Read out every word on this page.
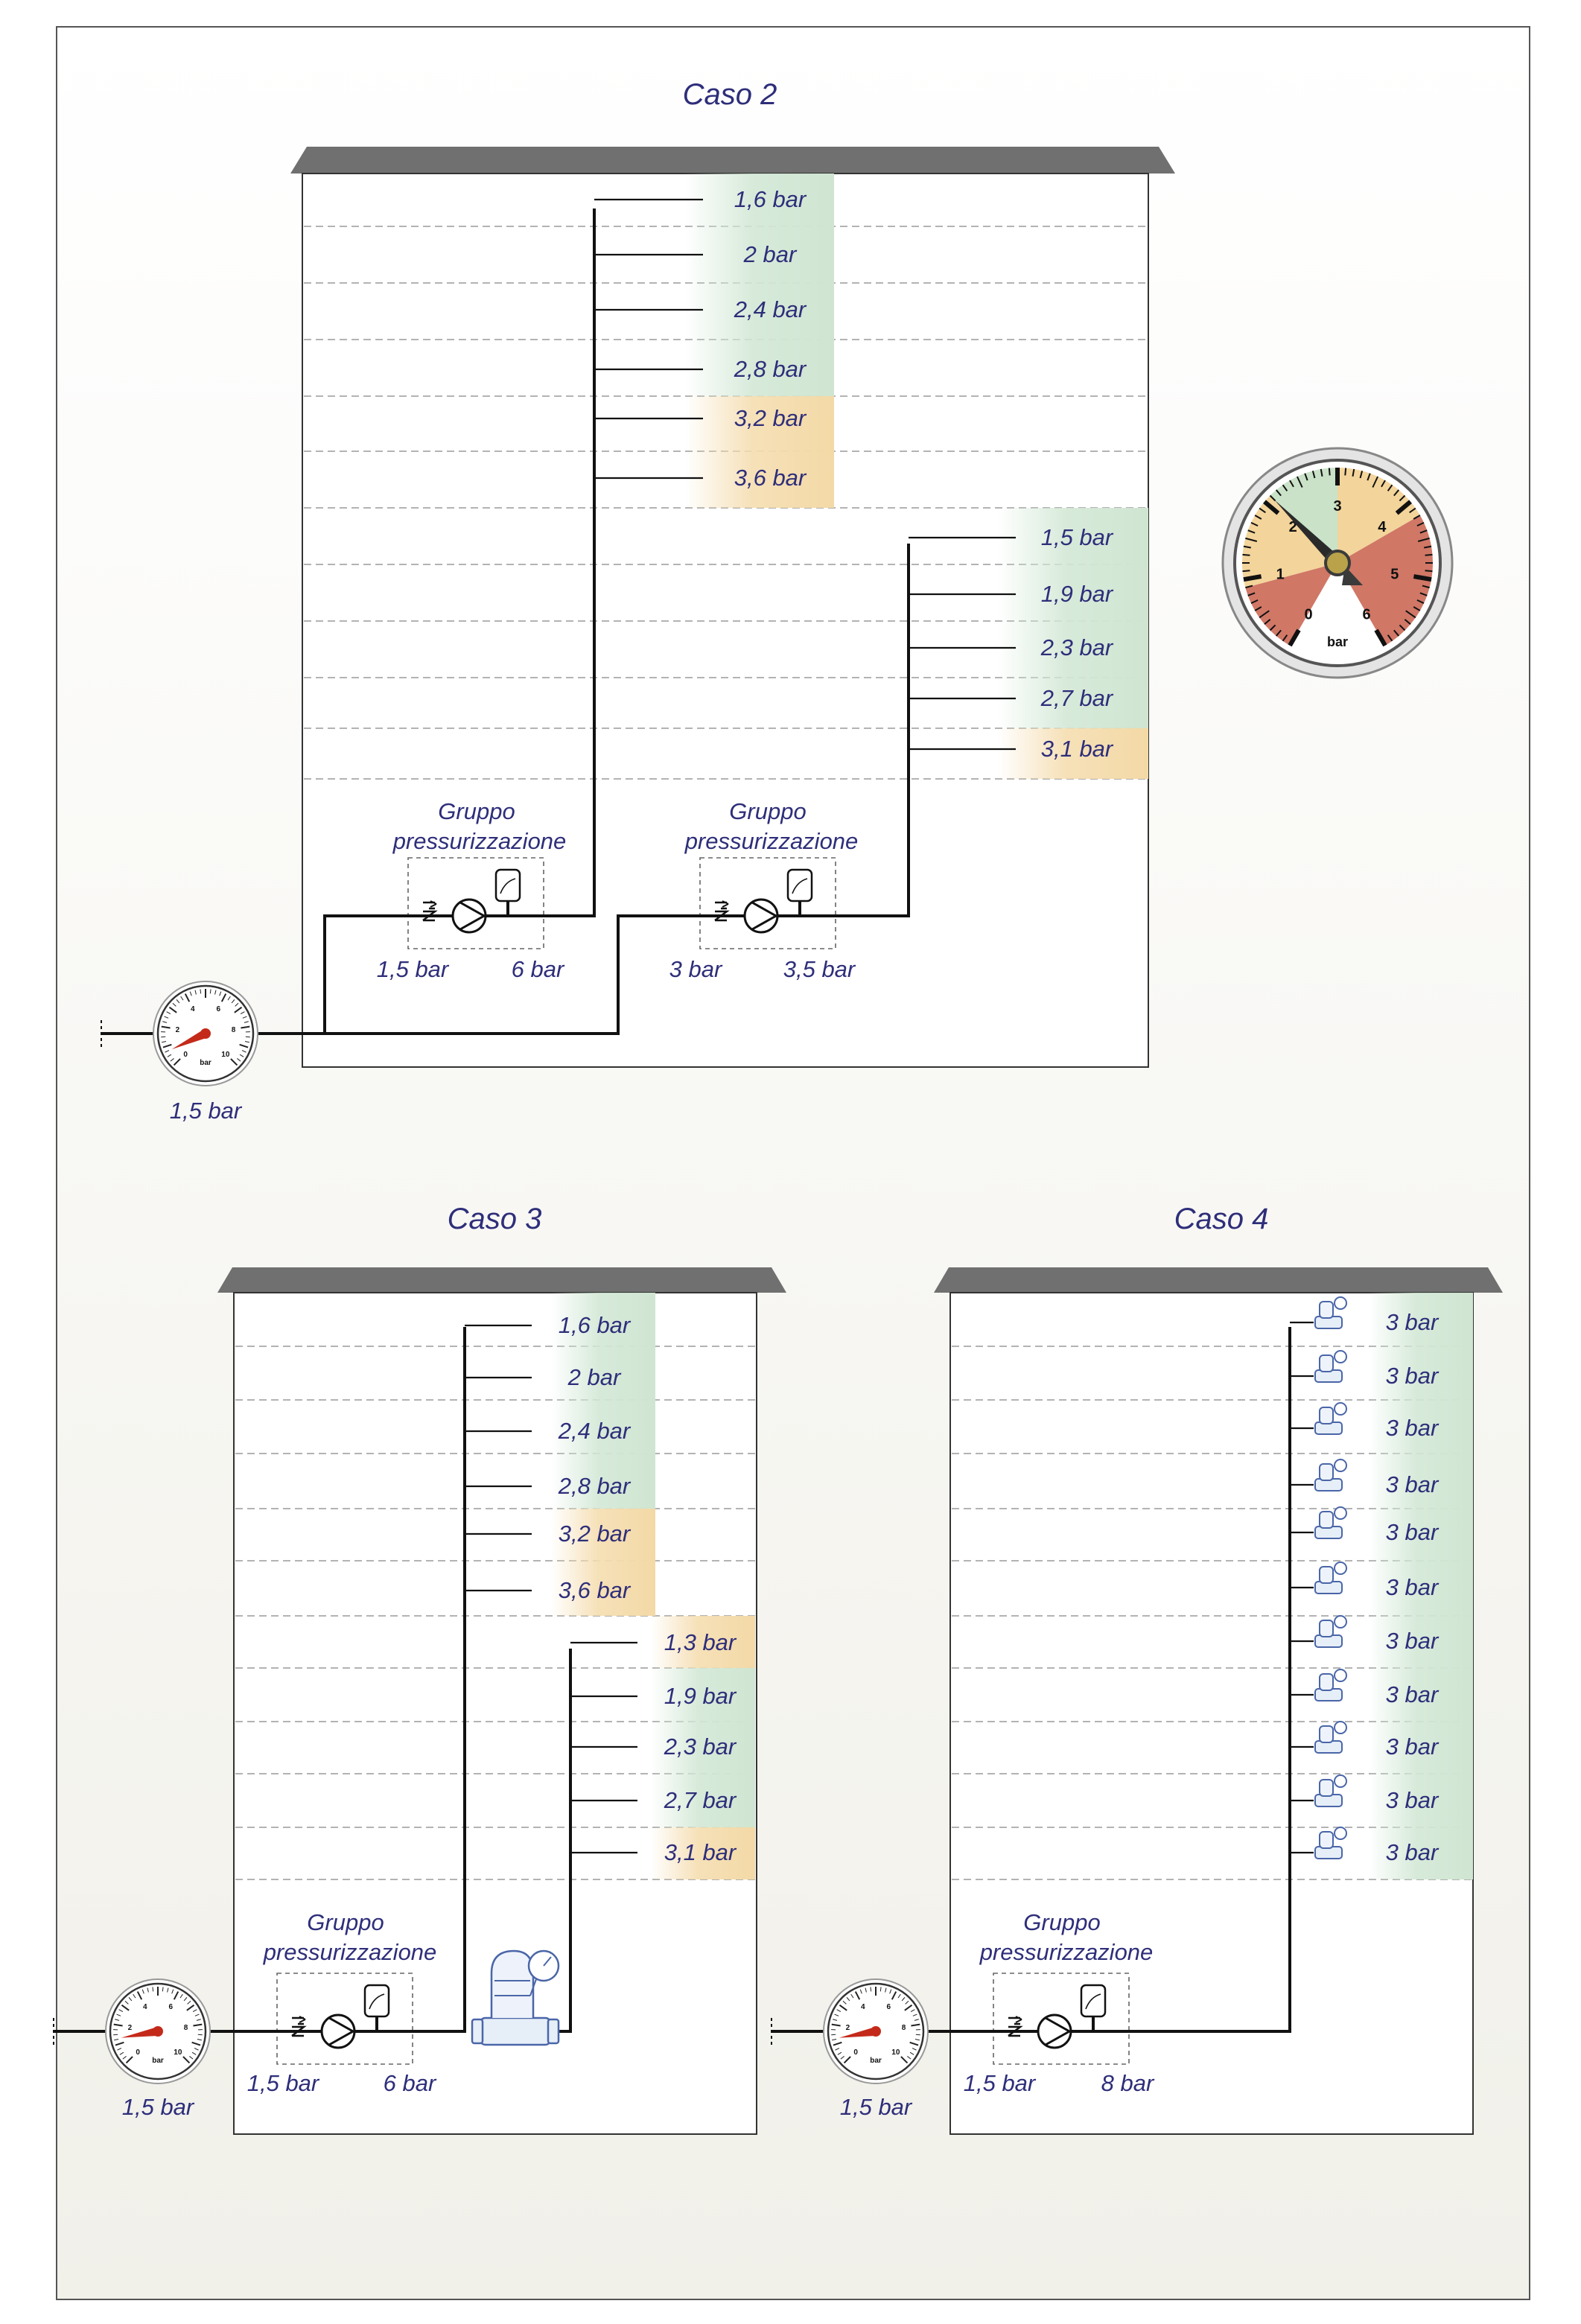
Caso 2
1,6 bar
2 bar
2,4 bar
2,8 bar
3,2 bar
3,6 bar
1,5 bar
1,9 bar
2,3 bar
2,7 bar
3,1 bar
0
2
4	6
8
10
bar
Gruppo
pressurizzazione
1,5 bar	6 bar
Gruppo
pressurizzazione
3 bar	3,5 bar
1,5 bar
0
1
2
3
4
5
6
bar
Caso 3
1,6 bar
2 bar
2,4 bar
2,8 bar
3,2 bar
3,6 bar
1,3 bar
1,9 bar
2,3 bar
2,7 bar
3,1 bar
0
2
4	6
8
10
bar
Gruppo
pressurizzazione
1,5 bar	6 bar
1,5 bar
Caso 4
3 bar
3 bar
3 bar
3 bar
3 bar
3 bar
3 bar
3 bar
3 bar
3 bar
3 bar
0
2
4	6
8
10
bar
Gruppo
pressurizzazione
1,5 bar	8 bar
1,5 bar
